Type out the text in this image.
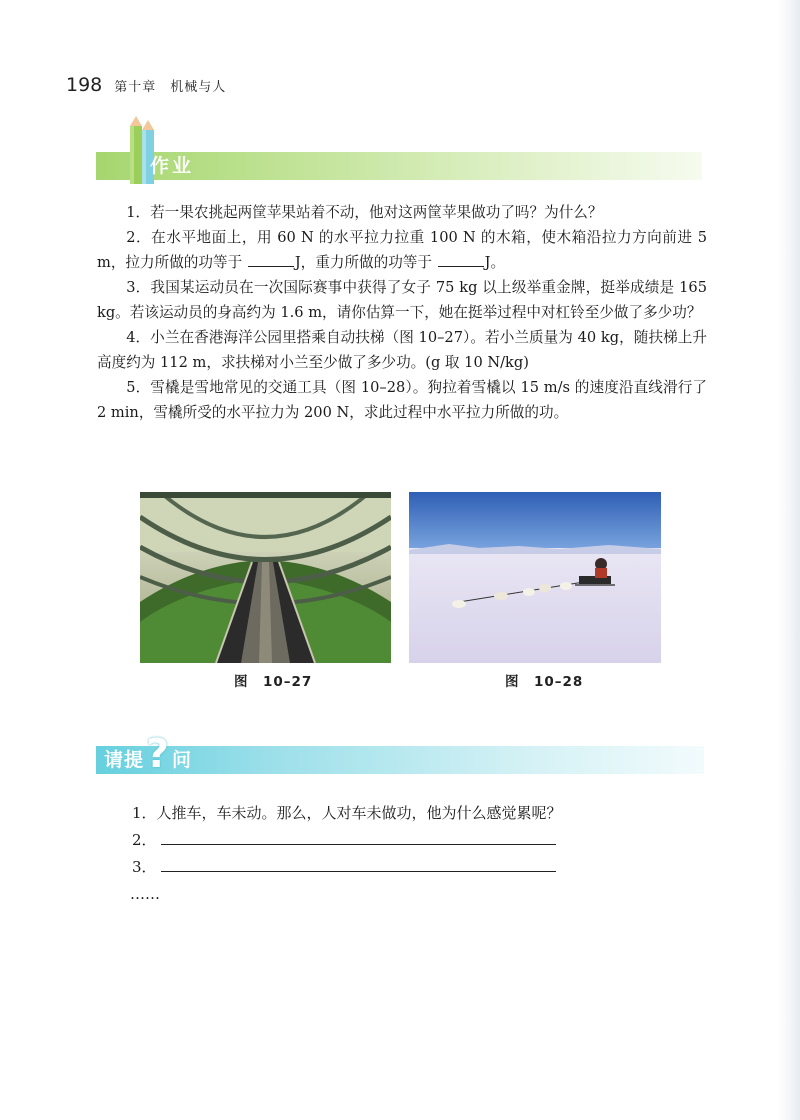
198 第十章　机械与人
作业

1．若一果农挑起两筐苹果站着不动，他对这两筐苹果做功了吗？为什么？

2．在水平地面上，用 60 N 的水平拉力拉重 100 N 的木箱，使木箱沿拉力方向前进 5 m，拉力所做的功等于	J，重力所做的功等于	J。

3．我国某运动员在一次国际赛事中获得了女子 75 kg 以上级举重金牌，挺举成绩是 165 kg。若该运动员的身高约为 1.6 m，请你估算一下，她在挺举过程中对杠铃至少做了多少功？

4．小兰在香港海洋公园里搭乘自动扶梯（图 10–27）。若小兰质量为 40 kg，随扶梯上升高度约为 112 m，求扶梯对小兰至少做了多少功。(g 取 10 N/kg)

5．雪橇是雪地常见的交通工具（图 10–28）。狗拉着雪橇以 15 m/s 的速度沿直线滑行了 2 min，雪橇所受的水平拉力为 200 N，求此过程中水平拉力所做的功。

图　10–27	图　10–28
请提 ? 问

1．人推车，车未动。那么，人对车未做功，他为什么感觉累呢？

2．

3．

……
